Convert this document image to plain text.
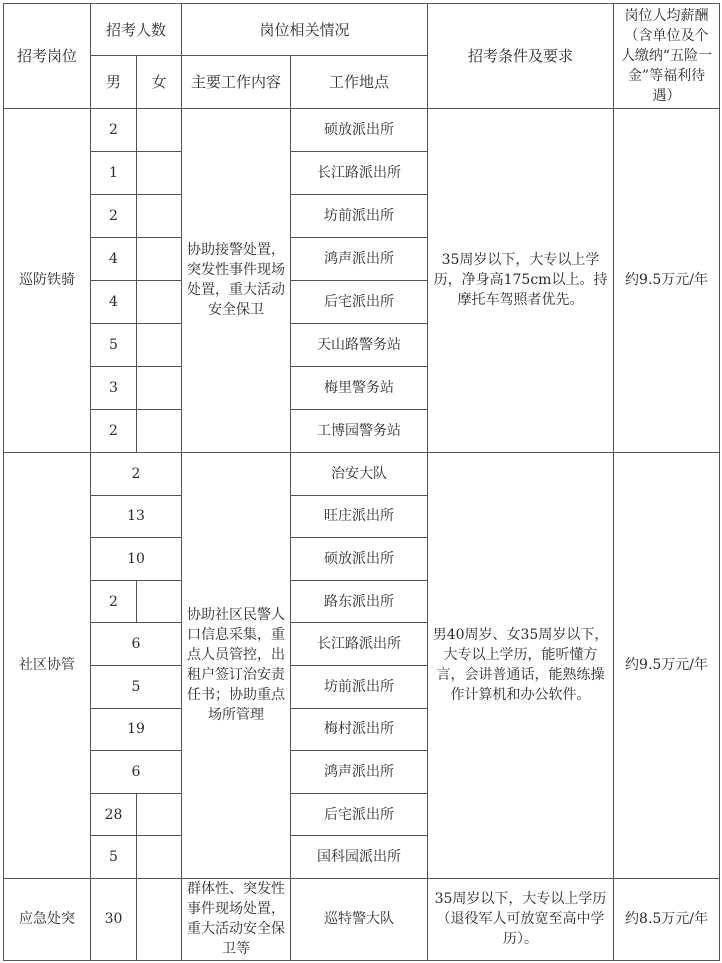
招考岗位	招考人数		岗位相关情况		招考条件及要求	岗位人均薪酬（含单位及个人缴纳“五险一金”等福利待遇）
	男	女	主要工作内容	工作地点		
巡防铁骑	2		协助接警处置，突发性事件现场处置，重大活动安全保卫	硕放派出所	35周岁以下，大专以上学历，净身高175cm以上。持摩托车驾照者优先。	约9.5万元/年
	1			长江路派出所		
	2			坊前派出所		
	4			鸿声派出所		
	4			后宅派出所		
	5			天山路警务站		
	3			梅里警务站		
	2			工博园警务站		
社区协管	2		协助社区民警人口信息采集，重点人员管控，出租户签订治安责任书；协助重点场所管理	治安大队	男40周岁、女35周岁以下，大专以上学历，能听懂方言，会讲普通话，能熟练操作计算机和办公软件。	约9.5万元/年
	13			旺庄派出所		
	10			硕放派出所		
	2			路东派出所		
	6			长江路派出所		
	5			坊前派出所		
	19			梅村派出所		
	6			鸿声派出所		
	28			后宅派出所		
	5			国科园派出所		
应急处突	30		群体性、突发性事件现场处置，重大活动安全保卫等	巡特警大队	35周岁以下，大专以上学历（退役军人可放宽至高中学历）。	约8.5万元/年
